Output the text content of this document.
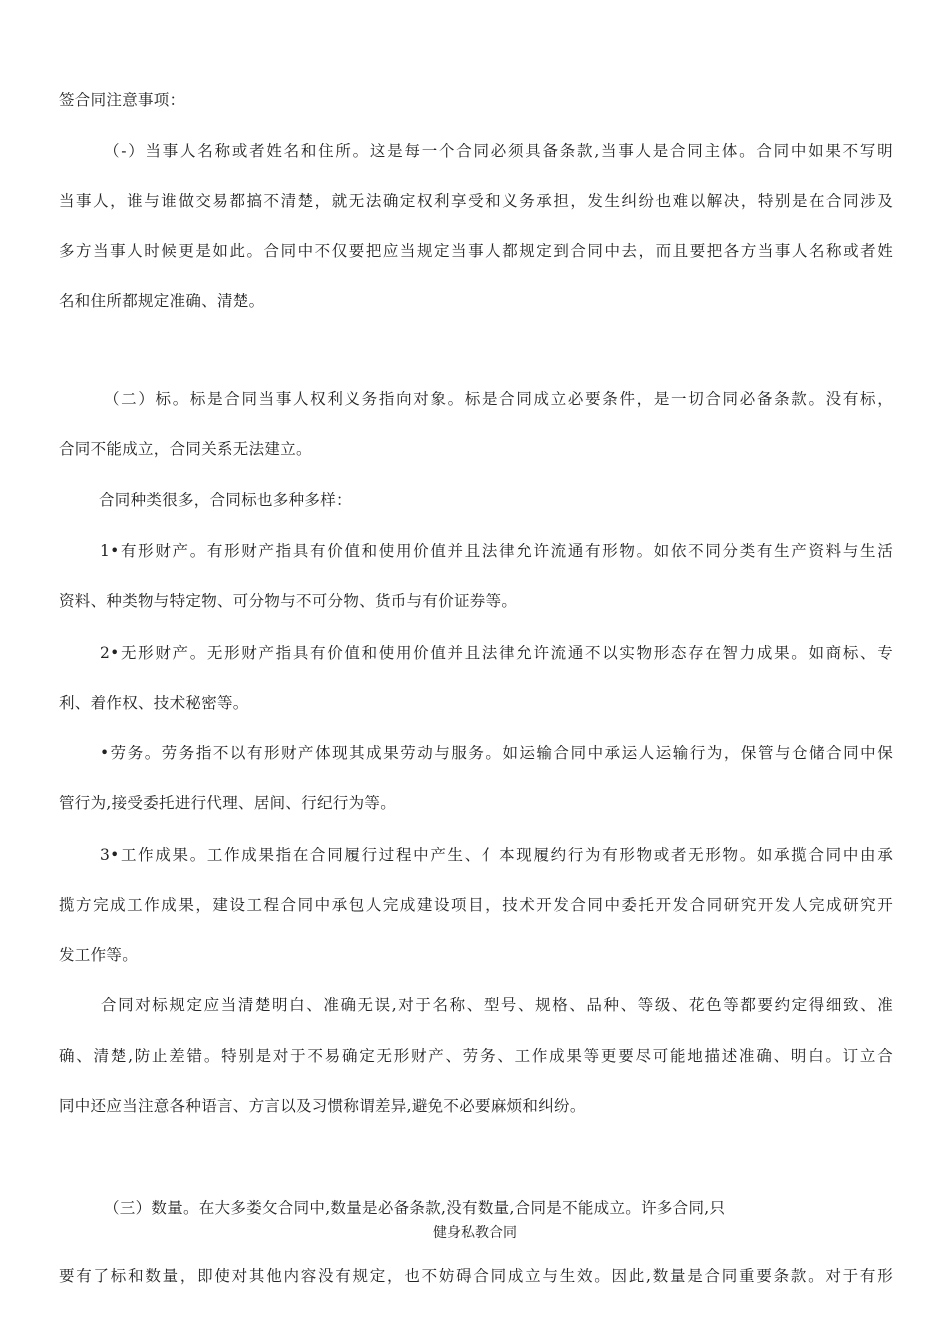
签合同注意事项：
（-）当事人名称或者姓名和住所。这是每一个合同必须具备条款,当事人是合同主体。合同中如果不写明
当事人，谁与谁做交易都搞不清楚，就无法确定权利享受和义务承担，发生纠纷也难以解决，特别是在合同涉及
多方当事人时候更是如此。合同中不仅要把应当规定当事人都规定到合同中去，而且要把各方当事人名称或者姓
名和住所都规定准确、清楚。
（二）标。标是合同当事人权利义务指向对象。标是合同成立必要条件，是一切合同必备条款。没有标，
合同不能成立，合同关系无法建立。
合同种类很多，合同标也多种多样：
1•有形财产。有形财产指具有价值和使用价值并且法律允许流通有形物。如依不同分类有生产资料与生活
资料、种类物与特定物、可分物与不可分物、货币与有价证券等。
2•无形财产。无形财产指具有价值和使用价值并且法律允许流通不以实物形态存在智力成果。如商标、专
利、着作权、技术秘密等。
•劳务。劳务指不以有形财产体现其成果劳动与服务。如运输合同中承运人运输行为，保管与仓储合同中保
管行为,接受委托进行代理、居间、行纪行为等。
3•工作成果。工作成果指在合同履行过程中产生、亻本现履约行为有形物或者无形物。如承揽合同中由承
揽方完成工作成果，建设工程合同中承包人完成建设项目，技术开发合同中委托开发合同研究开发人完成研究开
发工作等。
合同对标规定应当清楚明白、准确无误,对于名称、型号、规格、品种、等级、花色等都要约定得细致、准
确、清楚,防止差错。特别是对于不易确定无形财产、劳务、工作成果等更要尽可能地描述准确、明白。订立合
同中还应当注意各种语言、方言以及习惯称谓差异,避免不必要麻烦和纠纷。
（三）数量。在大多娄攵合同中,数量是必备条款,没有数量,合同是不能成立。许多合同,只
健身私教合同
要有了标和数量，即使对其他内容没有规定，也不妨碍合同成立与生效。因此,数量是合同重要条款。对于有形
